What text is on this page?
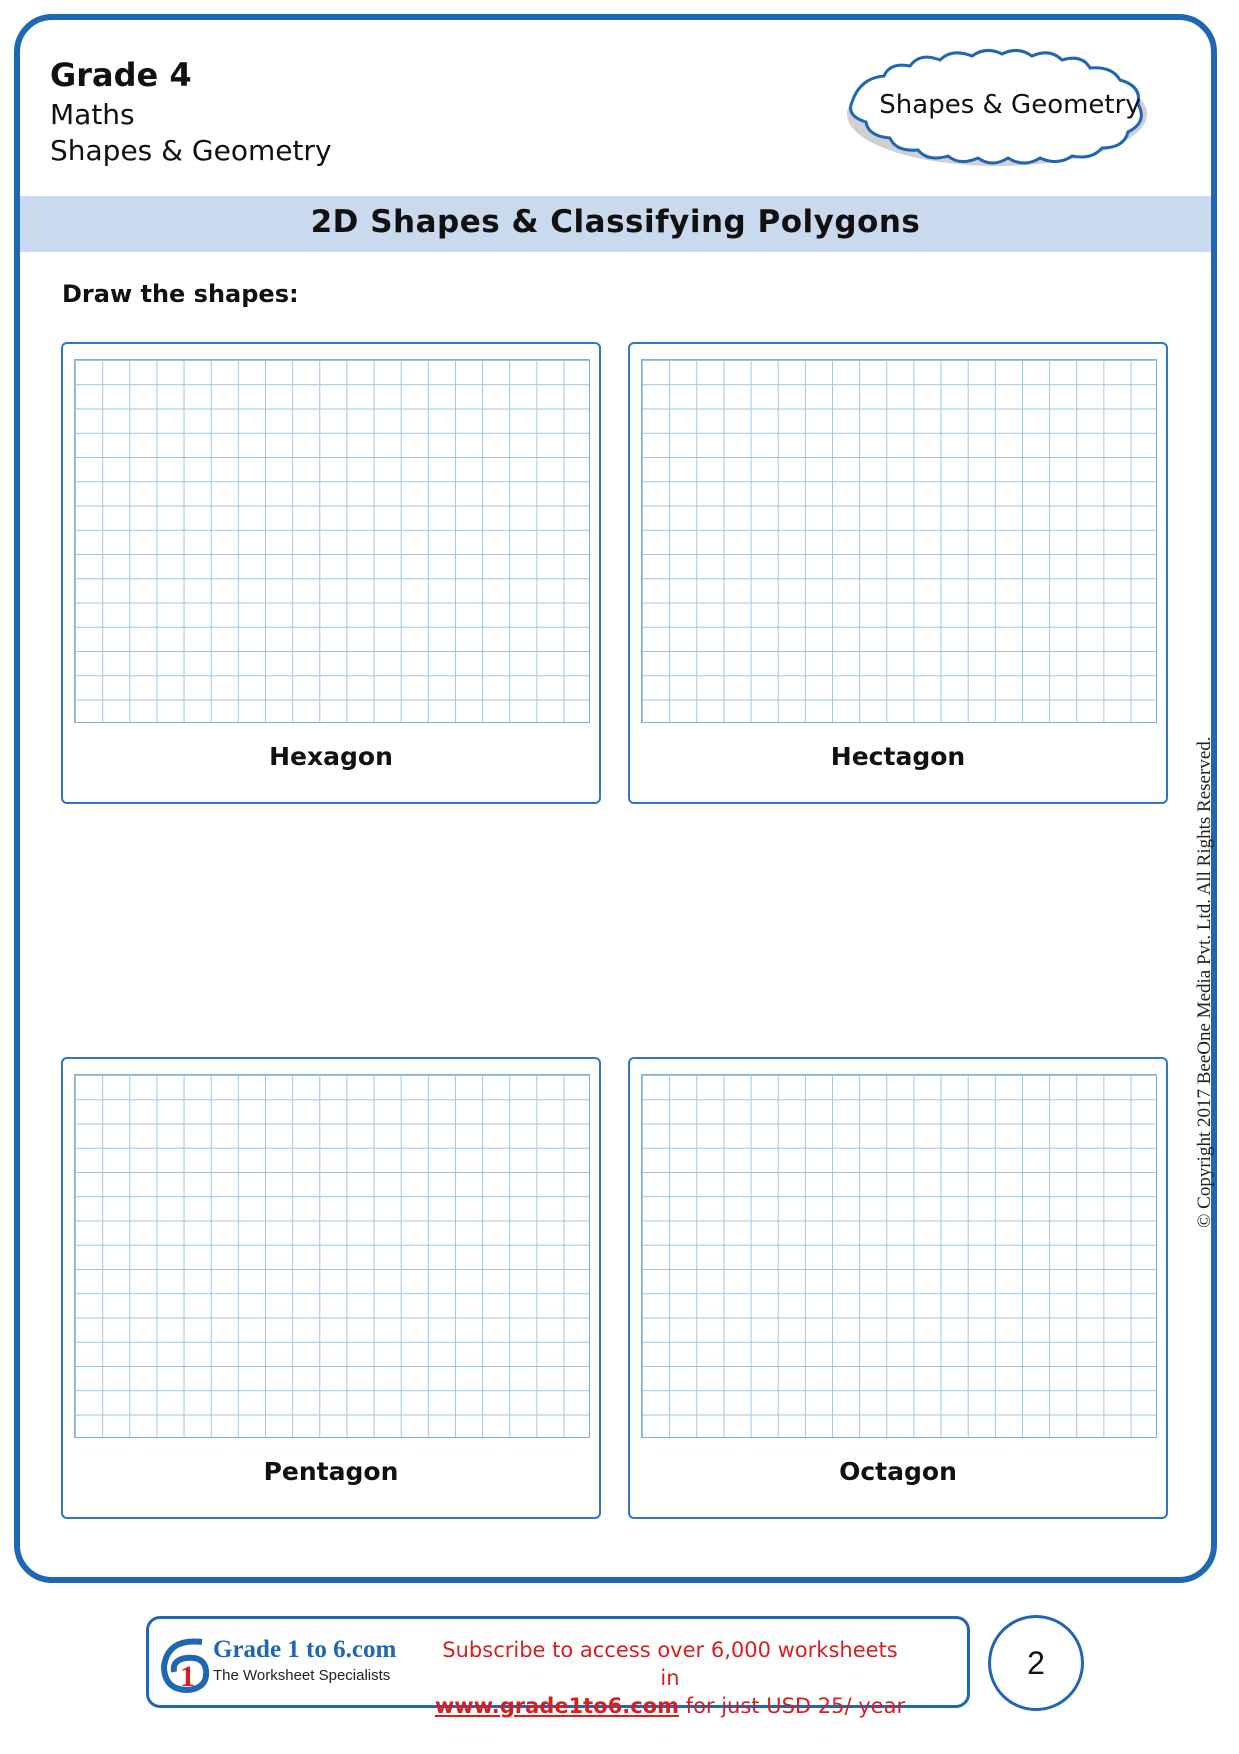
Grade 4
Maths
Shapes & Geometry
Shapes & Geometry
2D Shapes & Classifying Polygons
Draw the shapes:
Hexagon	Hectagon
Pentagon	Octagon
© Copyright 2017 BeeOne Media Pvt. Ltd. All Rights Reserved.
1
Grade 1 to 6.com
The Worksheet Specialists
Subscribe to access over 6,000 worksheets in
www.grade1to6.com for just USD 25/ year
2
